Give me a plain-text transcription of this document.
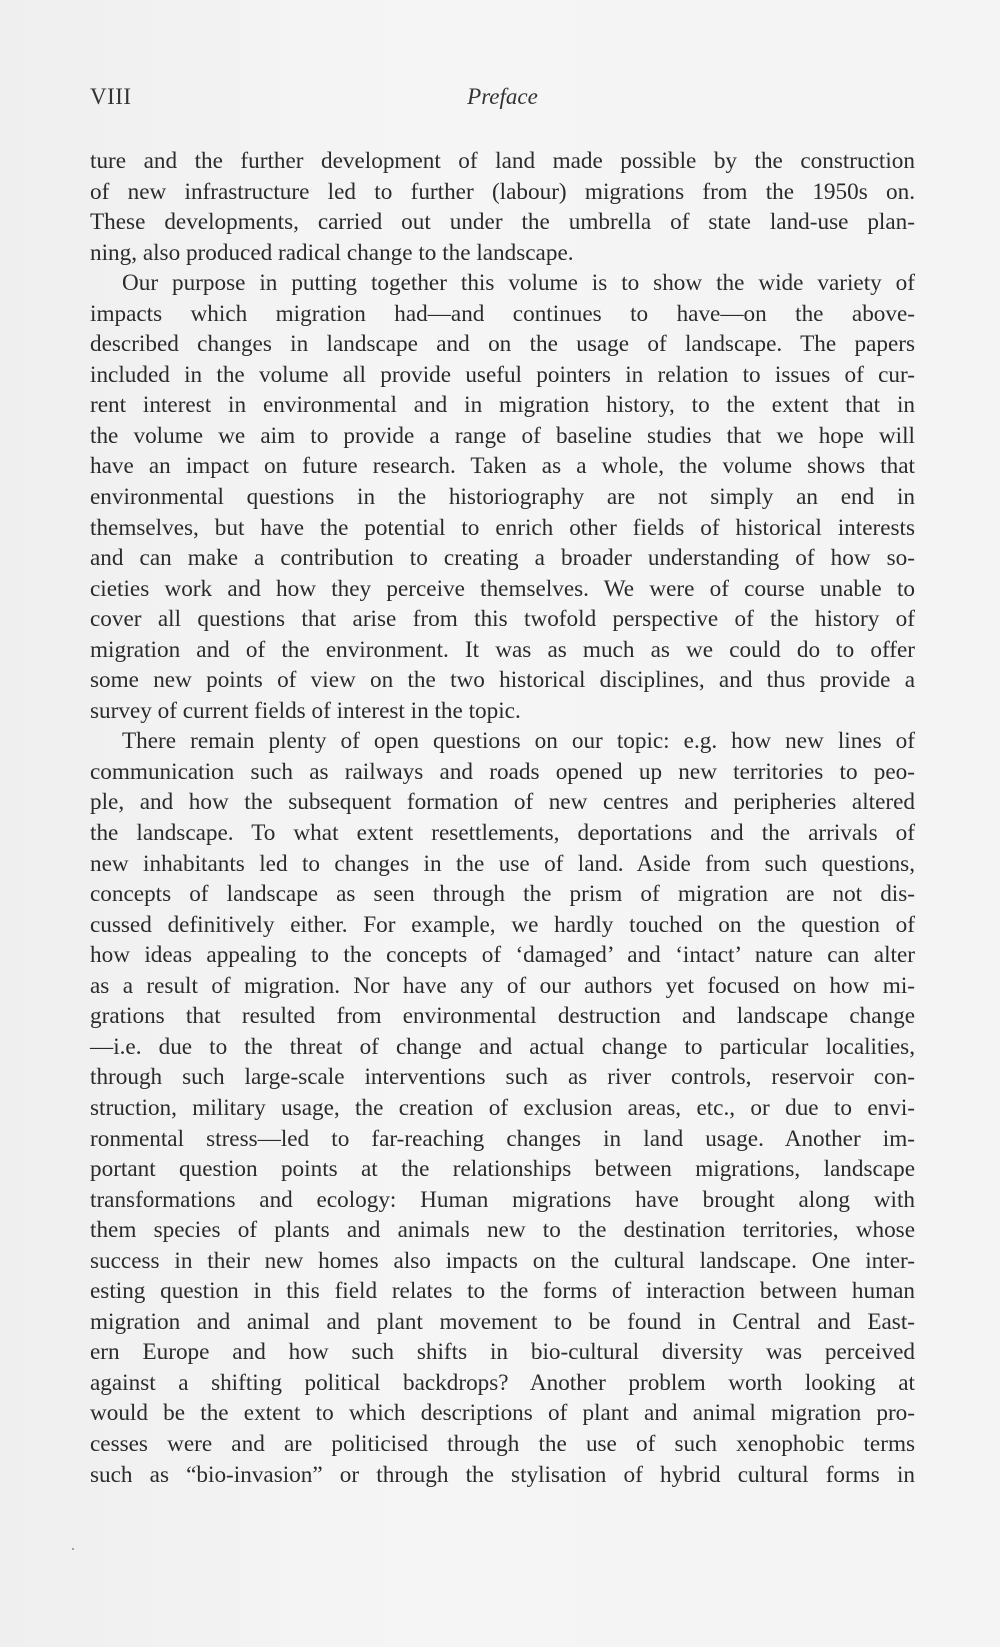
VIII	Preface
ture and the further development of land made possible by the construction
of new infrastructure led to further (labour) migrations from the 1950s on.
These developments, carried out under the umbrella of state land-use plan-
ning, also produced radical change to the landscape.
Our purpose in putting together this volume is to show the wide variety of
impacts which migration had—and continues to have—on the above-
described changes in landscape and on the usage of landscape. The papers
included in the volume all provide useful pointers in relation to issues of cur-
rent interest in environmental and in migration history, to the extent that in
the volume we aim to provide a range of baseline studies that we hope will
have an impact on future research. Taken as a whole, the volume shows that
environmental questions in the historiography are not simply an end in
themselves, but have the potential to enrich other fields of historical interests
and can make a contribution to creating a broader understanding of how so-
cieties work and how they perceive themselves. We were of course unable to
cover all questions that arise from this twofold perspective of the history of
migration and of the environment. It was as much as we could do to offer
some new points of view on the two historical disciplines, and thus provide a
survey of current fields of interest in the topic.
There remain plenty of open questions on our topic: e.g. how new lines of
communication such as railways and roads opened up new territories to peo-
ple, and how the subsequent formation of new centres and peripheries altered
the landscape. To what extent resettlements, deportations and the arrivals of
new inhabitants led to changes in the use of land. Aside from such questions,
concepts of landscape as seen through the prism of migration are not dis-
cussed definitively either. For example, we hardly touched on the question of
how ideas appealing to the concepts of ‘damaged’ and ‘intact’ nature can alter
as a result of migration. Nor have any of our authors yet focused on how mi-
grations that resulted from environmental destruction and landscape change
—i.e. due to the threat of change and actual change to particular localities,
through such large-scale interventions such as river controls, reservoir con-
struction, military usage, the creation of exclusion areas, etc., or due to envi-
ronmental stress—led to far-reaching changes in land usage. Another im-
portant question points at the relationships between migrations, landscape
transformations and ecology: Human migrations have brought along with
them species of plants and animals new to the destination territories, whose
success in their new homes also impacts on the cultural landscape. One inter-
esting question in this field relates to the forms of interaction between human
migration and animal and plant movement to be found in Central and East-
ern Europe and how such shifts in bio-cultural diversity was perceived
against a shifting political backdrops? Another problem worth looking at
would be the extent to which descriptions of plant and animal migration pro-
cesses were and are politicised through the use of such xenophobic terms
such as “bio-invasion” or through the stylisation of hybrid cultural forms in
